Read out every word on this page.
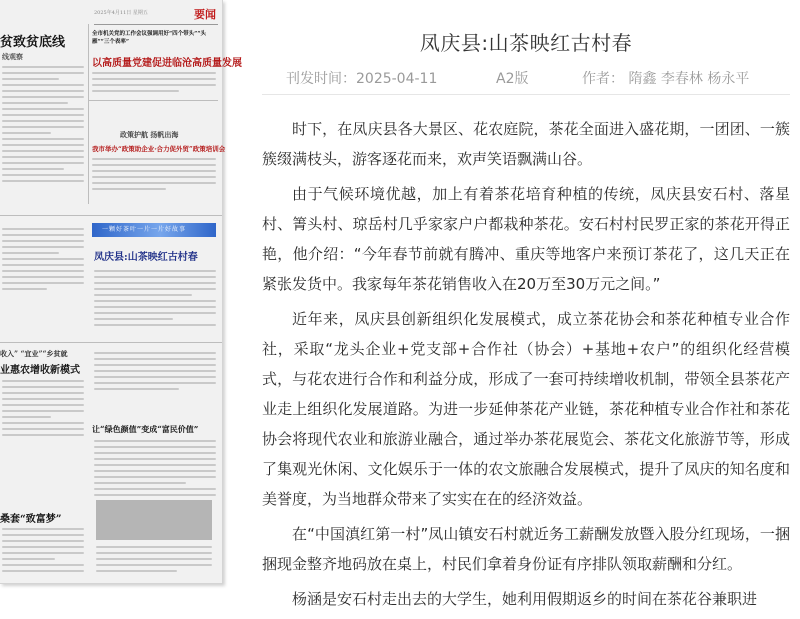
2025年4月11日 星期五	要闻
贫致贫底线
线观察
全市机关党的工作会议强调用好“四个带头”“头雁”“三个表率”
以高质量党建促进临沧高质量发展
政策护航 扬帆出海
我市举办“政策助企业·合力促外贸”政策培训会
一颗好茶叶一片一片好故事
凤庆县:山茶映红古村春
收入” “宜业”“乡贫就
业惠农增收新模式
让“绿色颜值”变成“富民价值”
桑套“致富梦”
凤庆县:山茶映红古村春
刊发时间：2025-04-11	A2版	作者： 隋鑫 李春林 杨永平

时下，在凤庆县各大景区、花农庭院，茶花全面进入盛花期，一团团、一簇簇缀满枝头，游客逐花而来，欢声笑语飘满山谷。

由于气候环境优越，加上有着茶花培育种植的传统，凤庆县安石村、落星村、箐头村、琼岳村几乎家家户户都栽种茶花。安石村村民罗正家的茶花开得正艳，他介绍：“今年春节前就有腾冲、重庆等地客户来预订茶花了，这几天正在紧张发货中。我家每年茶花销售收入在20万至30万元之间。”

近年来，凤庆县创新组织化发展模式，成立茶花协会和茶花种植专业合作社，采取“龙头企业+党支部+合作社（协会）+基地+农户”的组织化经营模式，与花农进行合作和利益分成，形成了一套可持续增收机制，带领全县茶花产业走上组织化发展道路。为进一步延伸茶花产业链，茶花种植专业合作社和茶花协会将现代农业和旅游业融合，通过举办茶花展览会、茶花文化旅游节等，形成了集观光休闲、文化娱乐于一体的农文旅融合发展模式，提升了凤庆的知名度和美誉度，为当地群众带来了实实在在的经济效益。

在“中国滇红第一村”凤山镇安石村就近务工薪酬发放暨入股分红现场，一捆捆现金整齐地码放在桌上，村民们拿着身份证有序排队领取薪酬和分红。

杨涵是安石村走出去的大学生，她利用假期返乡的时间在茶花谷兼职进
